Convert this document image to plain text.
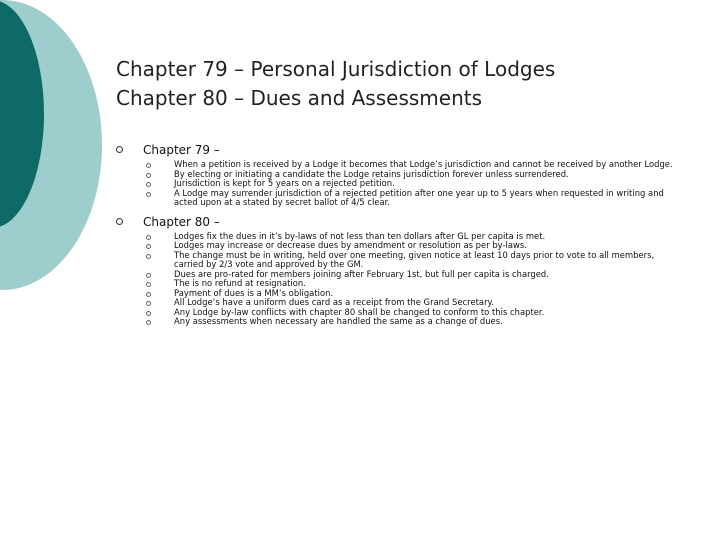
Chapter 79 – Personal Jurisdiction of Lodges
Chapter 80 – Dues and Assessments
Chapter 79 –
When a petition is received by a Lodge it becomes that Lodge’s jurisdiction and cannot be received by another Lodge.
By electing or initiating a candidate the Lodge retains jurisdiction forever unless surrendered.
Jurisdiction is kept for 5 years on a rejected petition.
A Lodge may surrender jurisdiction of a rejected petition after one year up to 5 years when requested in writing and acted upon at a stated by secret ballot of 4/5 clear.
Chapter 80 –
Lodges fix the dues in it’s by-laws of not less than ten dollars after GL per capita is met.
Lodges may increase or decrease dues by amendment or resolution as per by-laws.
The change must be in writing, held over one meeting, given notice at least 10 days prior to vote to all members, carried by 2/3 vote and approved by the GM.
Dues are pro-rated for members joining after February 1st, but full per capita is charged.
The is no refund at resignation.
Payment of dues is a MM’s obligation.
All Lodge’s have a uniform dues card as a receipt from the Grand Secretary.
Any Lodge by-law conflicts with chapter 80 shall be changed to conform to this chapter.
Any assessments when necessary are handled the same as a change of dues.
